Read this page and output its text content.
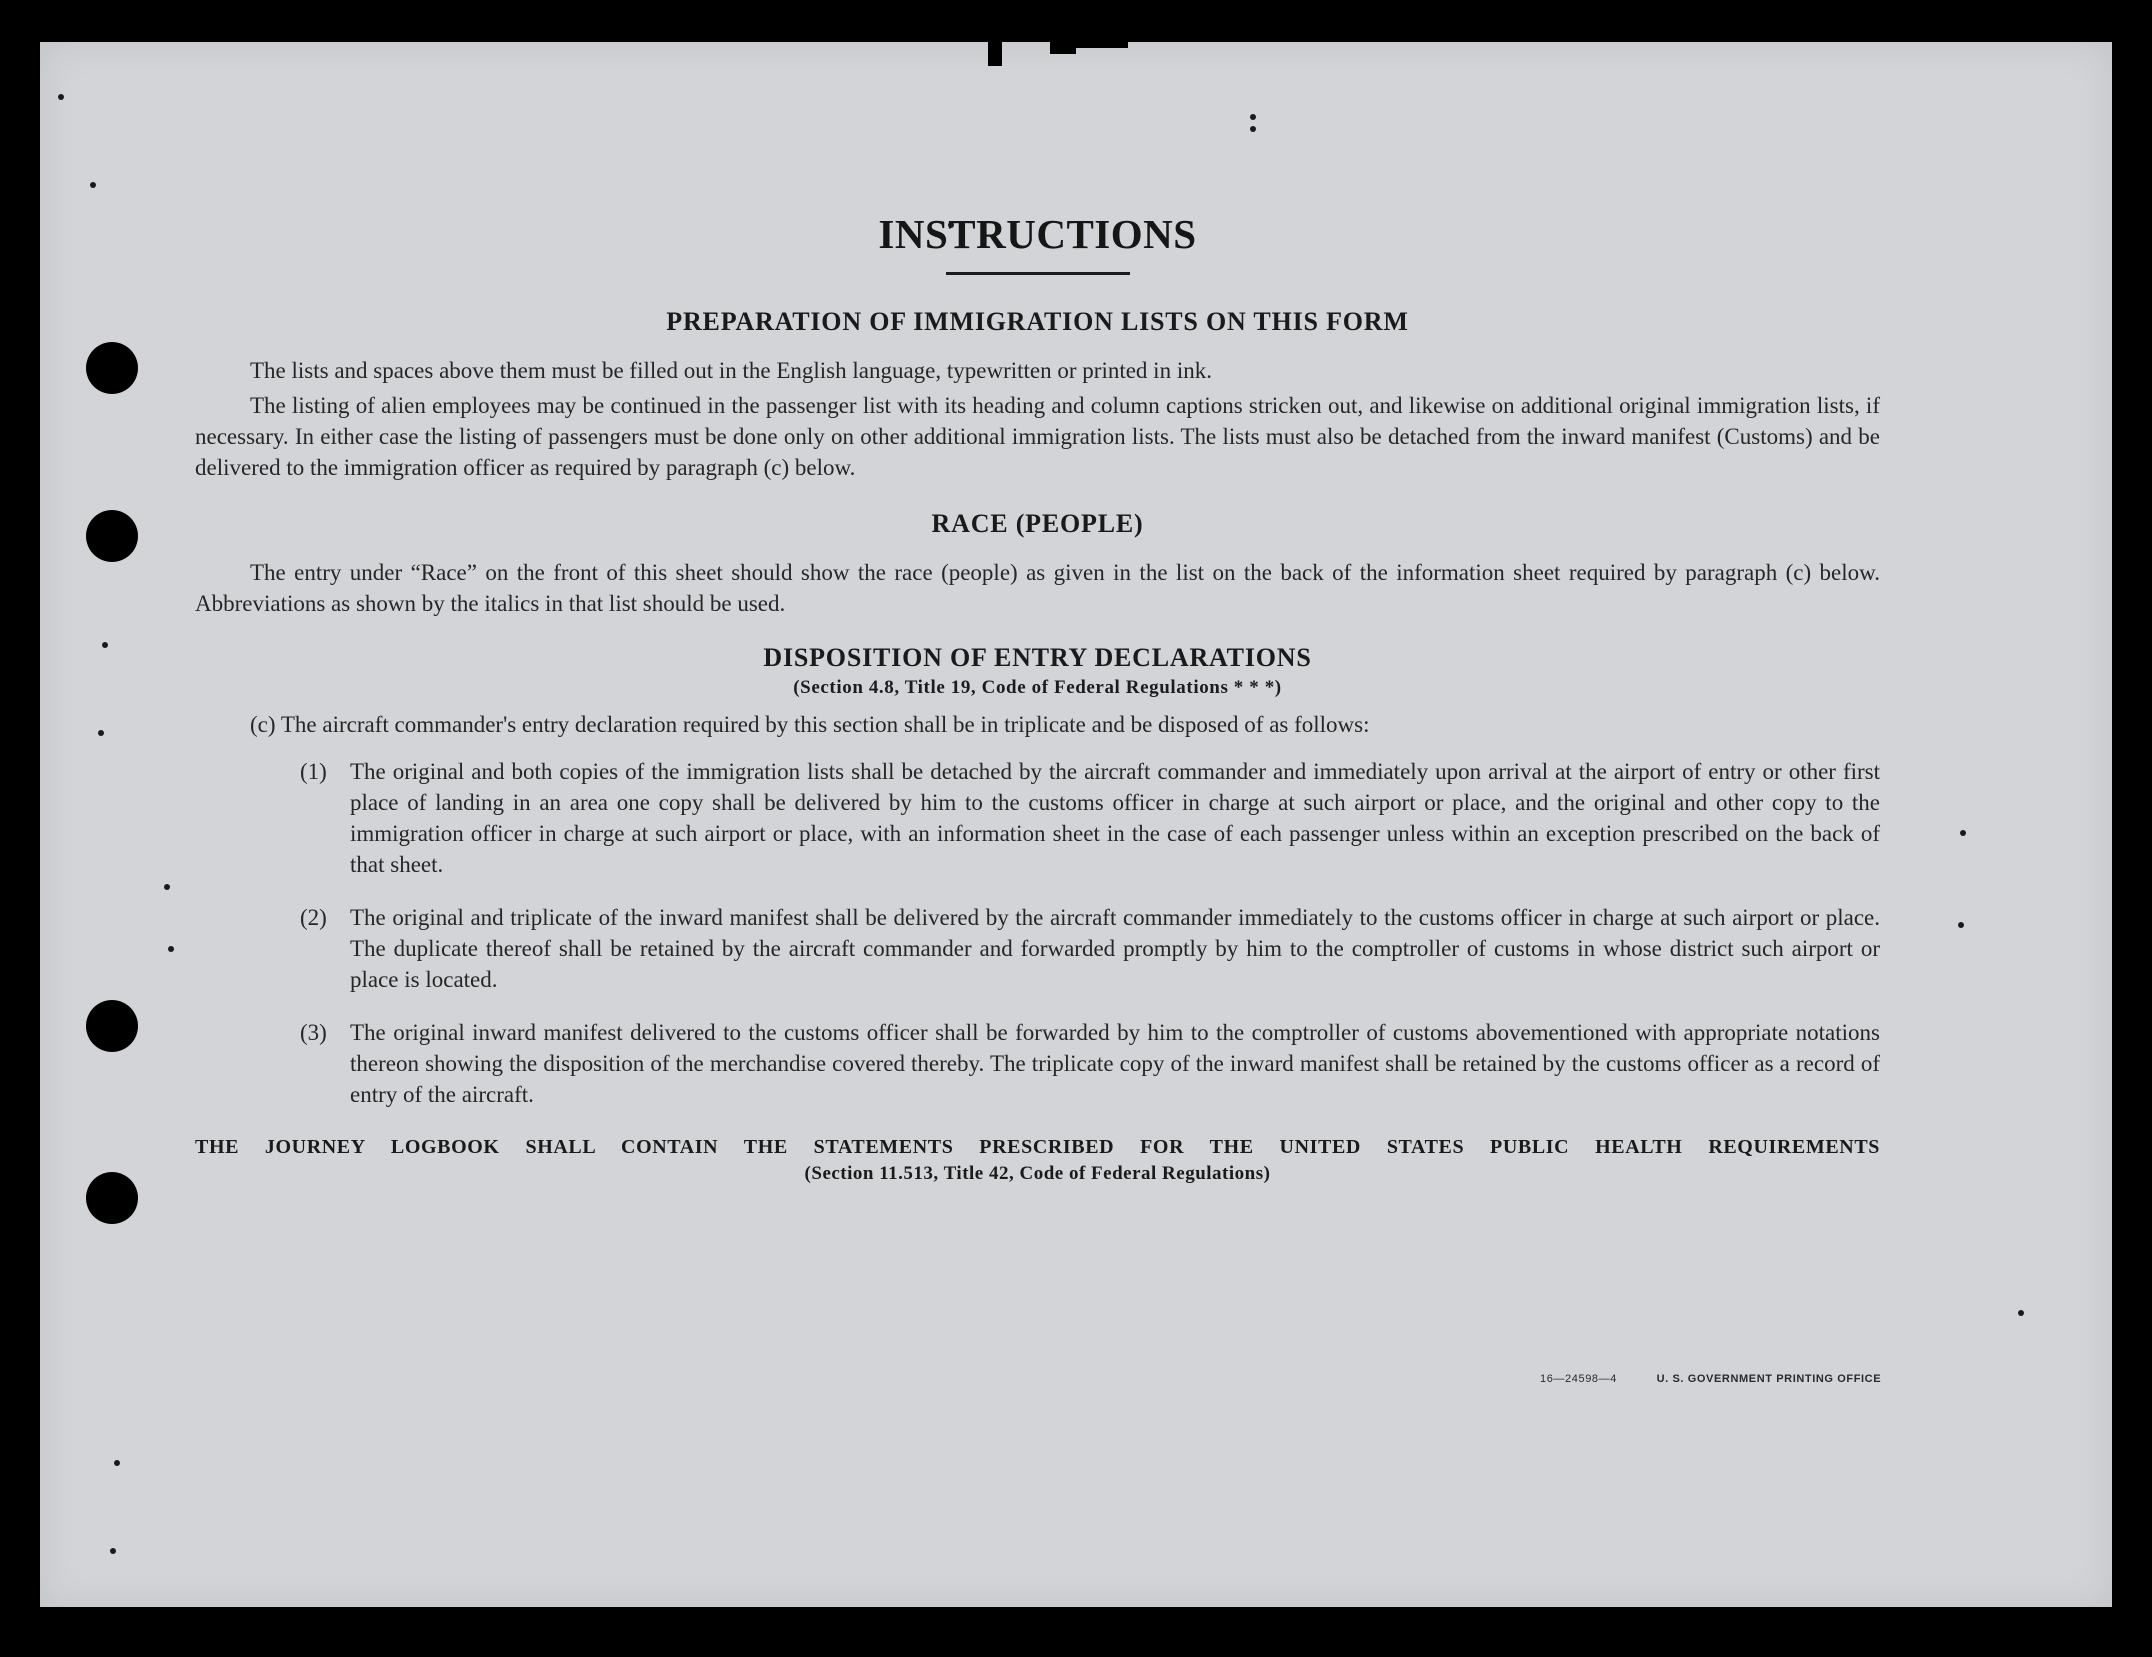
INSTRUCTIONS
PREPARATION OF IMMIGRATION LISTS ON THIS FORM

The lists and spaces above them must be filled out in the English language, typewritten or printed in ink.

The listing of alien employees may be continued in the passenger list with its heading and column captions stricken out, and likewise on additional original immigration lists, if necessary. In either case the listing of passengers must be done only on other additional immigration lists. The lists must also be detached from the inward manifest (Customs) and be delivered to the immigration officer as required by paragraph (c) below.

RACE (PEOPLE)

The entry under “Race” on the front of this sheet should show the race (people) as given in the list on the back of the information sheet required by paragraph (c) below. Abbreviations as shown by the italics in that list should be used.

DISPOSITION OF ENTRY DECLARATIONS
(Section 4.8, Title 19, Code of Federal Regulations * * *)
(c) The aircraft commander's entry declaration required by this section shall be in triplicate and be disposed of as follows:
(1) The original and both copies of the immigration lists shall be detached by the aircraft commander and immediately upon arrival at the airport of entry or other first place of landing in an area one copy shall be delivered by him to the customs officer in charge at such airport or place, and the original and other copy to the immigration officer in charge at such airport or place, with an information sheet in the case of each passenger unless within an exception prescribed on the back of that sheet.
(2) The original and triplicate of the inward manifest shall be delivered by the aircraft commander immediately to the customs officer in charge at such airport or place. The duplicate thereof shall be retained by the aircraft commander and forwarded promptly by him to the comptroller of customs in whose district such airport or place is located.
(3) The original inward manifest delivered to the customs officer shall be forwarded by him to the comptroller of customs abovementioned with appropriate notations thereon showing the disposition of the merchandise covered thereby. The triplicate copy of the inward manifest shall be retained by the customs officer as a record of entry of the aircraft.
THE JOURNEY LOGBOOK SHALL CONTAIN THE STATEMENTS PRESCRIBED FOR THE UNITED STATES PUBLIC HEALTH REQUIREMENTS
(Section 11.513, Title 42, Code of Federal Regulations)
16—24598—4	U. S. GOVERNMENT PRINTING OFFICE
